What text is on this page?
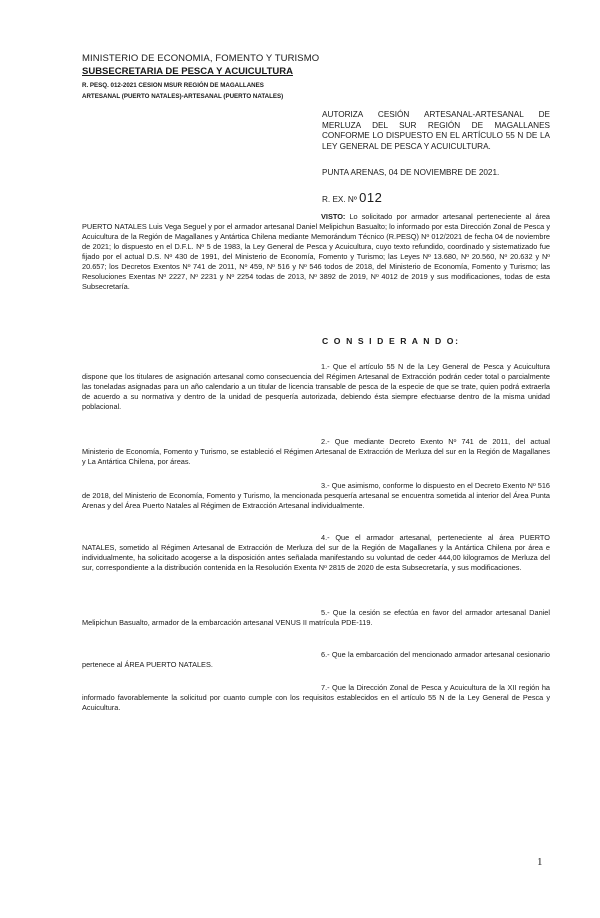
MINISTERIO DE ECONOMIA, FOMENTO Y TURISMO
SUBSECRETARIA DE PESCA Y ACUICULTURA
R. PESQ. 012-2021 CESION MSUR REGIÓN DE MAGALLANES
ARTESANAL (PUERTO NATALES)-ARTESANAL (PUERTO NATALES)
AUTORIZA CESIÓN ARTESANAL-ARTESANAL DE MERLUZA DEL SUR REGIÓN DE MAGALLANES CONFORME LO DISPUESTO EN EL ARTÍCULO 55 N DE LA LEY GENERAL DE PESCA Y ACUICULTURA.
PUNTA ARENAS, 04 DE NOVIEMBRE DE 2021.
R. EX. Nº 012

VISTO: Lo solicitado por armador artesanal perteneciente al área PUERTO NATALES Luis Vega Seguel y por el armador artesanal Daniel Melipichun Basualto; lo informado por esta Dirección Zonal de Pesca y Acuicultura de la Región de Magallanes y Antártica Chilena mediante Memorándum Técnico (R.PESQ) Nº 012/2021 de fecha 04 de noviembre de 2021; lo dispuesto en el D.F.L. Nº 5 de 1983, la Ley General de Pesca y Acuicultura, cuyo texto refundido, coordinado y sistematizado fue fijado por el actual D.S. Nº 430 de 1991, del Ministerio de Economía, Fomento y Turismo; las Leyes Nº 13.680, Nº 20.560, Nº 20.632 y Nº 20.657; los Decretos Exentos Nº 741 de 2011, Nº 459, Nº 516 y Nº 546 todos de 2018, del Ministerio de Economía, Fomento y Turismo; las Resoluciones Exentas Nº 2227, Nº 2231 y Nº 2254 todas de 2013, Nº 3892 de 2019, Nº 4012 de 2019 y sus modificaciones, todas de esta Subsecretaría.

C O N S I D E R A N D O:

1.- Que el artículo 55 N de la Ley General de Pesca y Acuicultura dispone que los titulares de asignación artesanal como consecuencia del Régimen Artesanal de Extracción podrán ceder total o parcialmente las toneladas asignadas para un año calendario a un titular de licencia transable de pesca de la especie de que se trate, quien podrá extraerla de acuerdo a su normativa y dentro de la unidad de pesquería autorizada, debiendo ésta siempre efectuarse dentro de la misma unidad poblacional.

2.- Que mediante Decreto Exento Nº 741 de 2011, del actual Ministerio de Economía, Fomento y Turismo, se estableció el Régimen Artesanal de Extracción de Merluza del sur en la Región de Magallanes y La Antártica Chilena, por áreas.

3.- Que asimismo, conforme lo dispuesto en el Decreto Exento Nº 516 de 2018, del Ministerio de Economía, Fomento y Turismo, la mencionada pesquería artesanal se encuentra sometida al interior del Área Punta Arenas y del Área Puerto Natales al Régimen de Extracción Artesanal individualmente.

4.- Que el armador artesanal, perteneciente al área PUERTO NATALES, sometido al Régimen Artesanal de Extracción de Merluza del sur de la Región de Magallanes y la Antártica Chilena por área e individualmente, ha solicitado acogerse a la disposición antes señalada manifestando su voluntad de ceder 444,00 kilogramos de Merluza del sur, correspondiente a la distribución contenida en la Resolución Exenta Nº 2815 de 2020 de esta Subsecretaría, y sus modificaciones.

5.- Que la cesión se efectúa en favor del armador artesanal Daniel Melipichun Basualto, armador de la embarcación artesanal VENUS II matrícula PDE-119.

6.- Que la embarcación del mencionado armador artesanal cesionario pertenece al ÁREA PUERTO NATALES.

7.- Que la Dirección Zonal de Pesca y Acuicultura de la XII región ha informado favorablemente la solicitud por cuanto cumple con los requisitos establecidos en el artículo 55 N de la Ley General de Pesca y Acuicultura.

1
